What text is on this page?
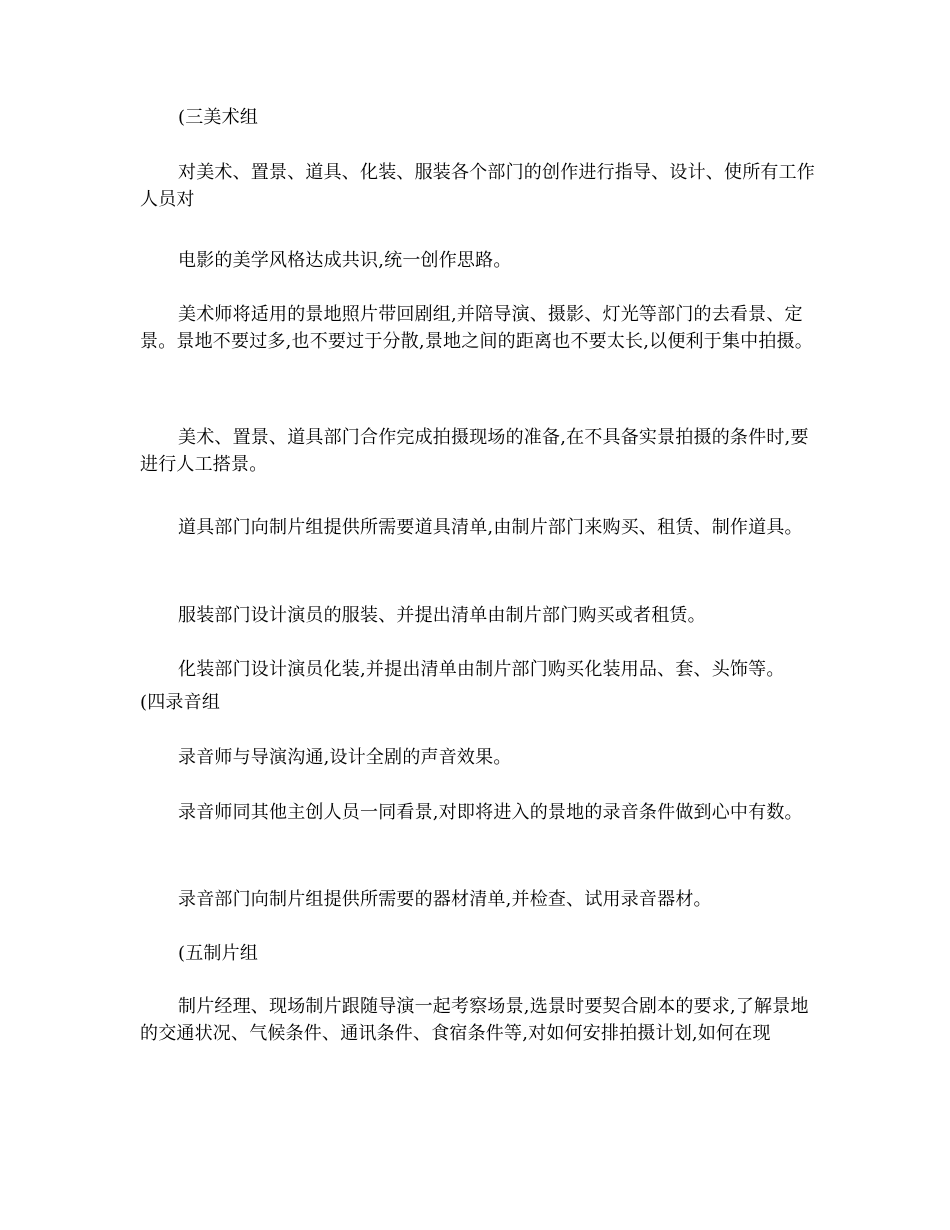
(三美术组

对美术、置景、道具、化装、服装各个部门的创作进行指导、设计、使所有工作人员对

电影的美学风格达成共识,统一创作思路。

美术师将适用的景地照片带回剧组,并陪导演、摄影、灯光等部门的去看景、定景。景地不要过多,也不要过于分散,景地之间的距离也不要太长,以便利于集中拍摄。

美术、置景、道具部门合作完成拍摄现场的准备,在不具备实景拍摄的条件时,要进行人工搭景。

道具部门向制片组提供所需要道具清单,由制片部门来购买、租赁、制作道具。

服装部门设计演员的服装、并提出清单由制片部门购买或者租赁。

化装部门设计演员化装,并提出清单由制片部门购买化装用品、套、头饰等。

(四录音组

录音师与导演沟通,设计全剧的声音效果。

录音师同其他主创人员一同看景,对即将进入的景地的录音条件做到心中有数。

录音部门向制片组提供所需要的器材清单,并检查、试用录音器材。

(五制片组

制片经理、现场制片跟随导演一起考察场景,选景时要契合剧本的要求,了解景地的交通状况、气候条件、通讯条件、食宿条件等,对如何安排拍摄计划,如何在现
